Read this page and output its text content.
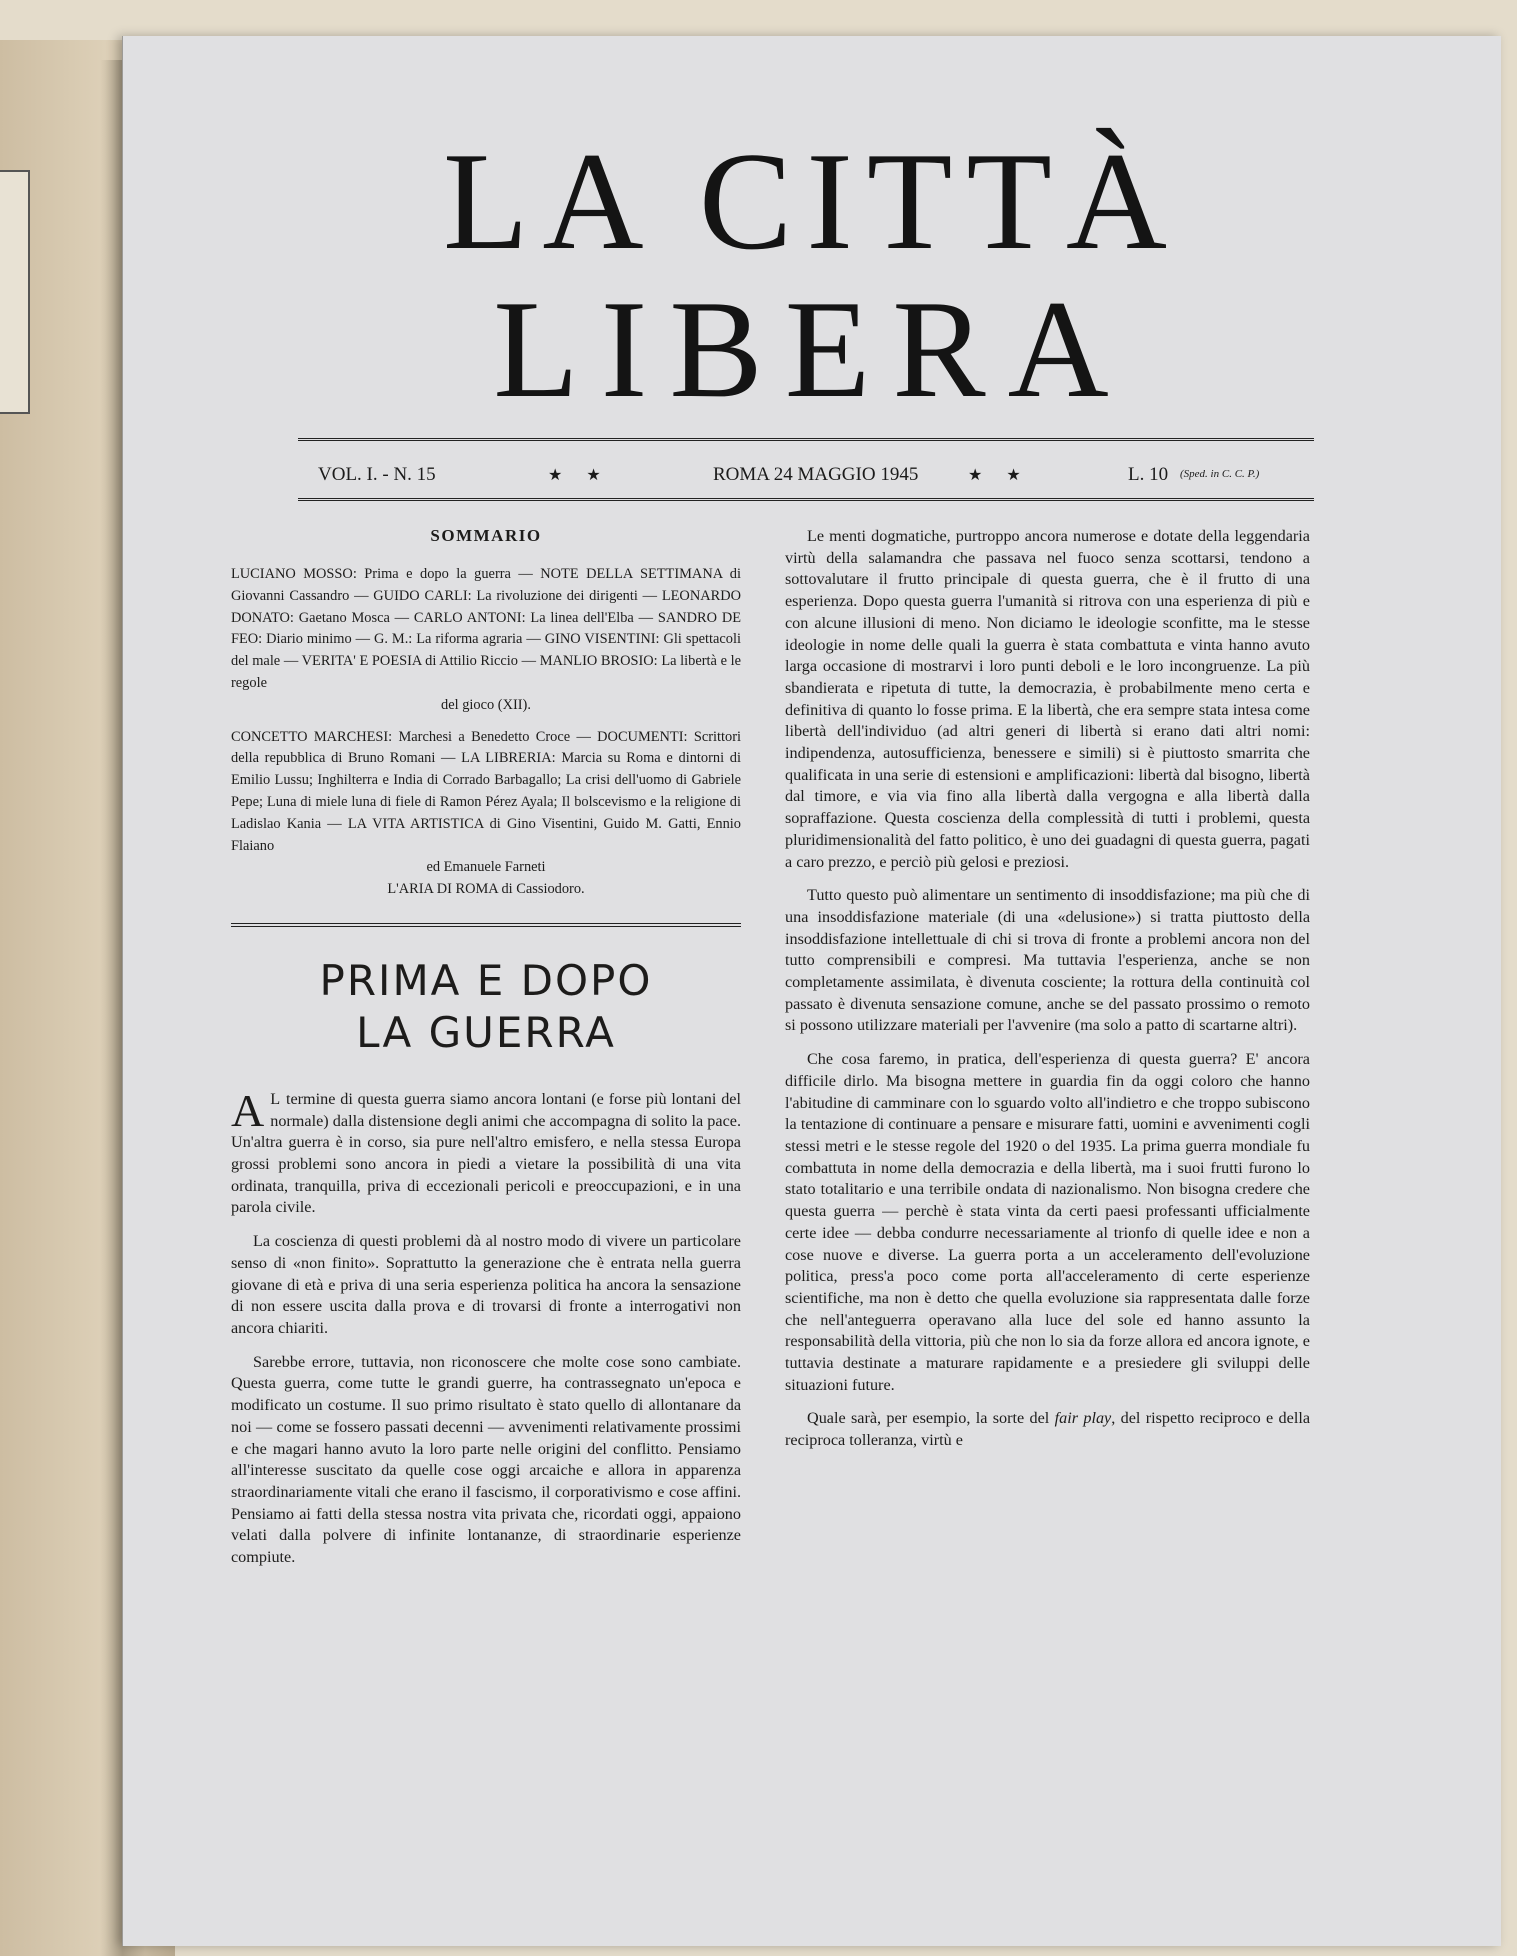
LA CITTÀ
LIBERA
VOL. I. - N. 15	★ ★	ROMA 24 MAGGIO 1945	★ ★	L. 10 (Sped. in C. C. P.)
SOMMARIO

LUCIANO MOSSO: Prima e dopo la guerra — NOTE DELLA SETTIMANA di Giovanni Cassandro — GUIDO CARLI: La rivoluzione dei dirigenti — LEONARDO DONATO: Gaetano Mosca — CARLO ANTONI: La linea dell'Elba — SANDRO DE FEO: Diario minimo — G. M.: La riforma agraria — GINO VISENTINI: Gli spettacoli del male — VERITA' E POESIA di Attilio Riccio — MANLIO BROSIO: La libertà e le regole
del gioco (XII).

CONCETTO MARCHESI: Marchesi a Benedetto Croce — DOCUMENTI: Scrittori della repubblica di Bruno Romani — LA LIBRERIA: Marcia su Roma e dintorni di Emilio Lussu; Inghilterra e India di Corrado Barbagallo; La crisi dell'uomo di Gabriele Pepe; Luna di miele luna di fiele di Ramon Pérez Ayala; Il bolscevismo e la religione di Ladislao Kania — LA VITA ARTISTICA di Gino Visentini, Guido M. Gatti, Ennio Flaiano
ed Emanuele Farneti
L'ARIA DI ROMA di Cassiodoro.

PRIMA E DOPO
LA GUERRA

A L termine di questa guerra siamo ancora lontani (e forse più lontani del normale) dalla distensione degli animi che accompagna di solito la pace. Un'altra guerra è in corso, sia pure nell'altro emisfero, e nella stessa Europa grossi problemi sono ancora in piedi a vietare la possibilità di una vita ordinata, tranquilla, priva di eccezionali pericoli e preoccupazioni, e in una parola civile.

La coscienza di questi problemi dà al nostro modo di vivere un particolare senso di «non finito». Soprattutto la generazione che è entrata nella guerra giovane di età e priva di una seria esperienza politica ha ancora la sensazione di non essere uscita dalla prova e di trovarsi di fronte a interrogativi non ancora chiariti.

Sarebbe errore, tuttavia, non riconoscere che molte cose sono cambiate. Questa guerra, come tutte le grandi guerre, ha contrassegnato un'epoca e modificato un costume. Il suo primo risultato è stato quello di allontanare da noi — come se fossero passati decenni — avvenimenti relativamente prossimi e che magari hanno avuto la loro parte nelle origini del conflitto. Pensiamo all'interesse suscitato da quelle cose oggi arcaiche e allora in apparenza straordinariamente vitali che erano il fascismo, il corporativismo e cose affini. Pensiamo ai fatti della stessa nostra vita privata che, ricordati oggi, appaiono velati dalla polvere di infinite lontananze, di straordinarie esperienze compiute.

Le menti dogmatiche, purtroppo ancora numerose e dotate della leggendaria virtù della salamandra che passava nel fuoco senza scottarsi, tendono a sottovalutare il frutto principale di questa guerra, che è il frutto di una esperienza. Dopo questa guerra l'umanità si ritrova con una esperienza di più e con alcune illusioni di meno. Non diciamo le ideologie sconfitte, ma le stesse ideologie in nome delle quali la guerra è stata combattuta e vinta hanno avuto larga occasione di mostrarvi i loro punti deboli e le loro incongruenze. La più sbandierata e ripetuta di tutte, la democrazia, è probabilmente meno certa e definitiva di quanto lo fosse prima. E la libertà, che era sempre stata intesa come libertà dell'individuo (ad altri generi di libertà si erano dati altri nomi: indipendenza, autosufficienza, benessere e simili) si è piuttosto smarrita che qualificata in una serie di estensioni e amplificazioni: libertà dal bisogno, libertà dal timore, e via via fino alla libertà dalla vergogna e alla libertà dalla sopraffazione. Questa coscienza della complessità di tutti i problemi, questa pluridimensionalità del fatto politico, è uno dei guadagni di questa guerra, pagati a caro prezzo, e perciò più gelosi e preziosi.

Tutto questo può alimentare un sentimento di insoddisfazione; ma più che di una insoddisfazione materiale (di una «delusione») si tratta piuttosto della insoddisfazione intellettuale di chi si trova di fronte a problemi ancora non del tutto comprensibili e compresi. Ma tuttavia l'esperienza, anche se non completamente assimilata, è divenuta cosciente; la rottura della continuità col passato è divenuta sensazione comune, anche se del passato prossimo o remoto si possono utilizzare materiali per l'avvenire (ma solo a patto di scartarne altri).

Che cosa faremo, in pratica, dell'esperienza di questa guerra? E' ancora difficile dirlo. Ma bisogna mettere in guardia fin da oggi coloro che hanno l'abitudine di camminare con lo sguardo volto all'indietro e che troppo subiscono la tentazione di continuare a pensare e misurare fatti, uomini e avvenimenti cogli stessi metri e le stesse regole del 1920 o del 1935. La prima guerra mondiale fu combattuta in nome della democrazia e della libertà, ma i suoi frutti furono lo stato totalitario e una terribile ondata di nazionalismo. Non bisogna credere che questa guerra — perchè è stata vinta da certi paesi professanti ufficialmente certe idee — debba condurre necessariamente al trionfo di quelle idee e non a cose nuove e diverse. La guerra porta a un acceleramento dell'evoluzione politica, press'a poco come porta all'acceleramento di certe esperienze scientifiche, ma non è detto che quella evoluzione sia rappresentata dalle forze che nell'anteguerra operavano alla luce del sole ed hanno assunto la responsabilità della vittoria, più che non lo sia da forze allora ed ancora ignote, e tuttavia destinate a maturare rapidamente e a presiedere gli sviluppi delle situazioni future.

Quale sarà, per esempio, la sorte del fair play, del rispetto reciproco e della reciproca tolleranza, virtù e
